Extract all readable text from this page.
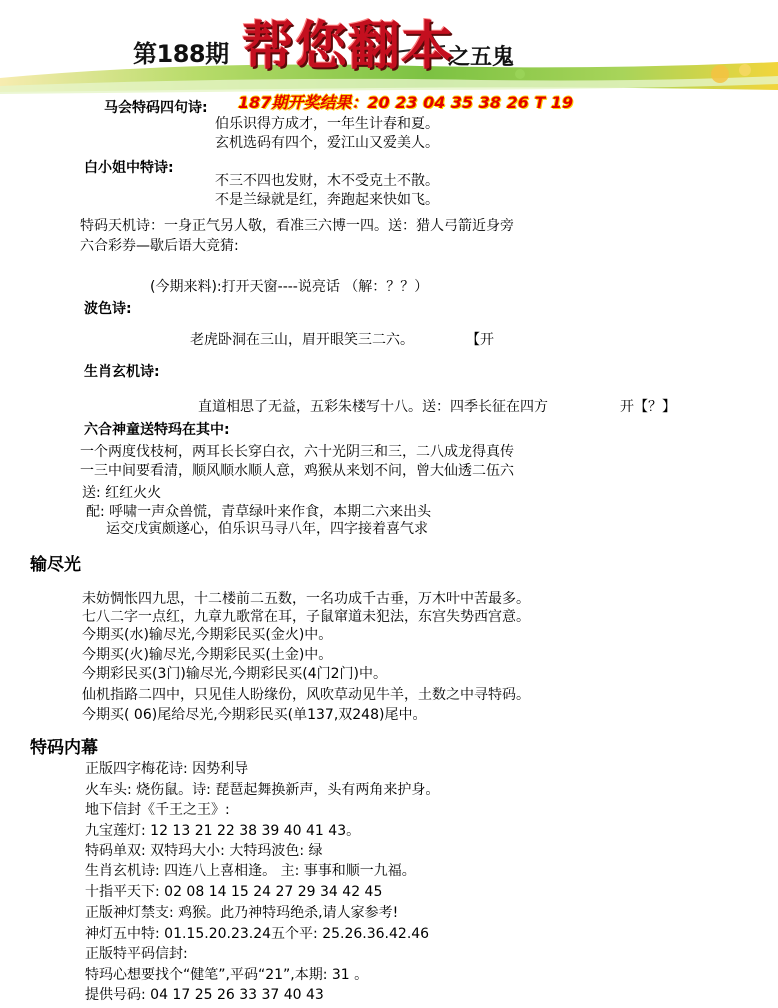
第188期 帮您翻本
之五鬼
马会特码四句诗: 187期开奖结果：20 23 04 35 38 26 T 19
伯乐识得方成才，一年生计春和夏。
玄机选码有四个，爱江山又爱美人。
白小姐中特诗:
不三不四也发财，木不受克土不散。
不是兰绿就是红，奔跑起来快如飞。
特码天机诗：一身正气另人敬，看准三六博一四。送：猎人弓箭近身旁
六合彩券—歇后语大竞猜:
(今期来料):打开天窗----说亮话 （解：？？）
波色诗:
老虎卧洞在三山，眉开眼笑三二六。	【开
生肖玄机诗:
直道相思了无益，五彩朱楼写十八。送：四季长征在四方	开【？】
六合神童送特玛在其中:
一个两度伐枝柯，两耳长长穿白衣，六十光阴三和三，二八成龙得真传
一三中间要看清，顺风顺水顺人意，鸡猴从来划不问，曾大仙透二伍六
送: 红红火火
配: 呼啸一声众兽慌，青草绿叶来作食，本期二六来出头
运交戊寅颇遂心，伯乐识马寻八年，四字接着喜气求
输尽光
未妨惆怅四九思，十二楼前二五数，一名功成千古垂，万木叶中苦最多。
七八二字一点红，九章九歌常在耳，子鼠窜道未犯法，东宫失势西宫意。
今期买(水)输尽光,今期彩民买(金火)中。
今期买(火)输尽光,今期彩民买(土金)中。
今期彩民买(3门)输尽光,今期彩民买(4门2门)中。
仙机指路二四中，只见佳人盼缘份，风吹草动见牛羊，土数之中寻特码。
今期买( 06)尾给尽光,今期彩民买(单137,双248)尾中。
特码内幕
正版四字梅花诗: 因势利导
火车头: 烧伤鼠。诗: 琵琶起舞换新声，头有两角来护身。
地下信封《千王之王》:
九宝莲灯: 12 13 21 22 38 39 40 41 43。
特码单双: 双特玛大小: 大特玛波色: 绿
生肖玄机诗: 四连八上喜相逢。 主: 事事和顺一九福。
十指平天下: 02 08 14 15 24 27 29 34 42 45
正版神灯禁支: 鸡猴。此乃神特玛绝杀,请人家参考!
神灯五中特: 01.15.20.23.24五个平: 25.26.36.42.46
正版特平码信封:
特玛心想要找个“健笔”,平码“21”,本期: 31 。
提供号码: 04 17 25 26 33 37 40 43
